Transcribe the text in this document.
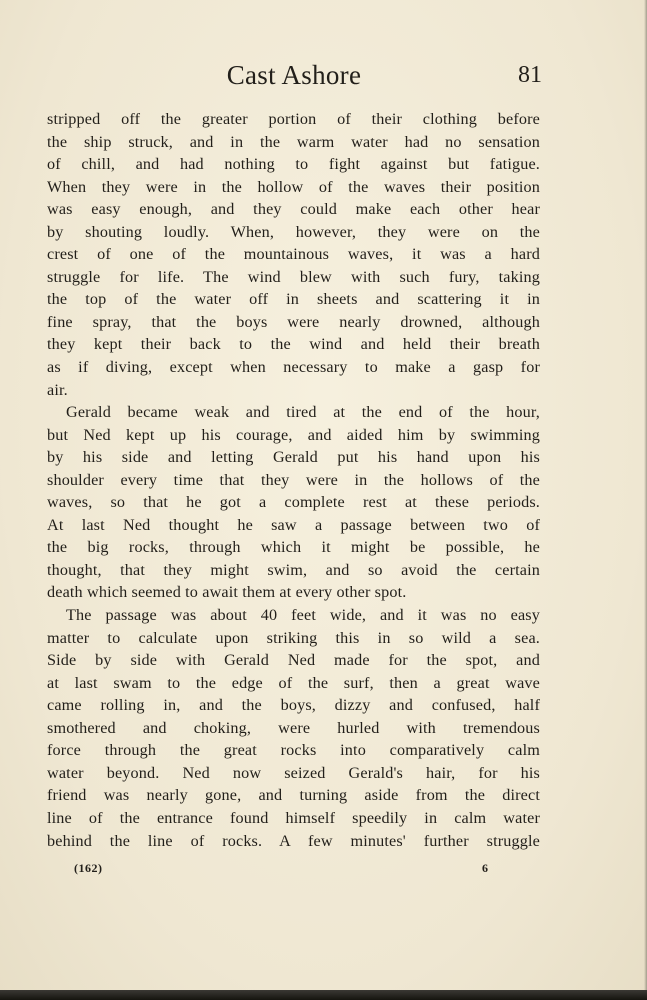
Cast Ashore	81
stripped off the greater portion of their clothing before
the ship struck, and in the warm water had no sensation
of chill, and had nothing to fight against but fatigue.
When they were in the hollow of the waves their position
was easy enough, and they could make each other hear
by shouting loudly. When, however, they were on the
crest of one of the mountainous waves, it was a hard
struggle for life. The wind blew with such fury, taking
the top of the water off in sheets and scattering it in
fine spray, that the boys were nearly drowned, although
they kept their back to the wind and held their breath
as if diving, except when necessary to make a gasp for
air.
Gerald became weak and tired at the end of the hour,
but Ned kept up his courage, and aided him by swimming
by his side and letting Gerald put his hand upon his
shoulder every time that they were in the hollows of the
waves, so that he got a complete rest at these periods.
At last Ned thought he saw a passage between two of
the big rocks, through which it might be possible, he
thought, that they might swim, and so avoid the certain
death which seemed to await them at every other spot.
The passage was about 40 feet wide, and it was no easy
matter to calculate upon striking this in so wild a sea.
Side by side with Gerald Ned made for the spot, and
at last swam to the edge of the surf, then a great wave
came rolling in, and the boys, dizzy and confused, half
smothered and choking, were hurled with tremendous
force through the great rocks into comparatively calm
water beyond. Ned now seized Gerald's hair, for his
friend was nearly gone, and turning aside from the direct
line of the entrance found himself speedily in calm water
behind the line of rocks. A few minutes' further struggle
(162)	6
